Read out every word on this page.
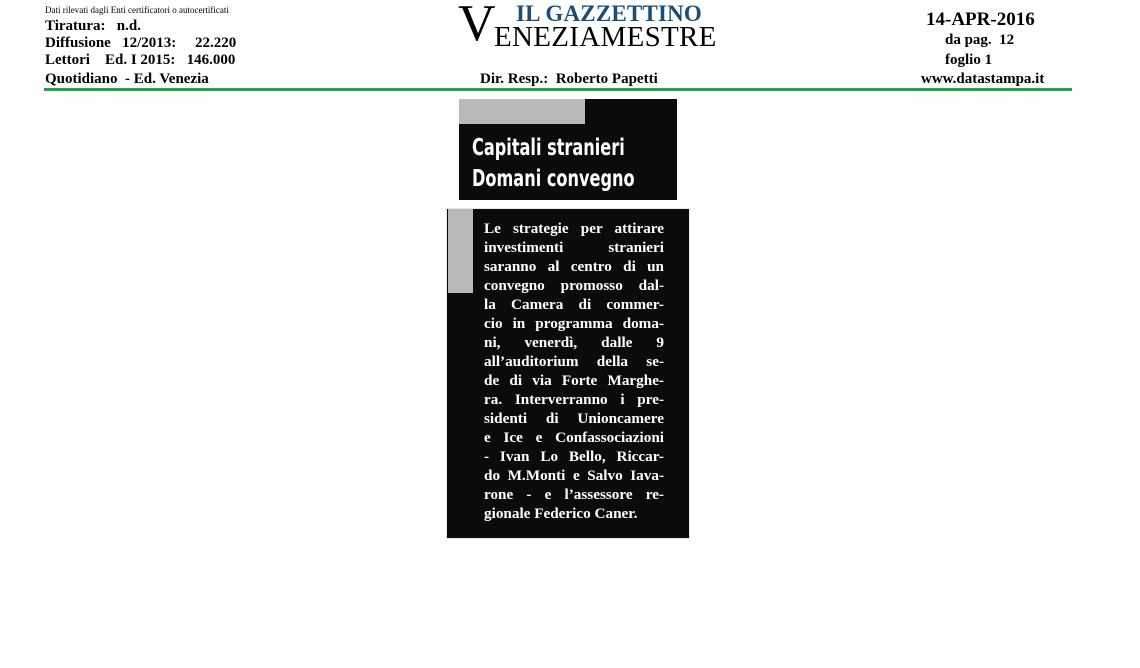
Dati rilevati dagli Enti certificatori o autocertificati
Tiratura:   n.d.
Diffusione   12/2013:     22.220
Lettori    Ed. I 2015:   146.000
Quotidiano  - Ed. Venezia
IL GAZZETTINO
V
ENEZIAMESTRE
Dir. Resp.:  Roberto Papetti
14-APR-2016
da pag.  12
foglio 1
www.datastampa.it
Capitali stranieri
Domani convegno
Le strategie per attirare
investimenti stranieri
saranno al centro di un
convegno promosso dal-
la Camera di commer-
cio in programma doma-
ni, venerdì, dalle 9
all’auditorium della se-
de di via Forte Marghe-
ra. Interverranno i pre-
sidenti di Unioncamere
e Ice e Confassociazioni
- Ivan Lo Bello, Riccar-
do M.Monti e Salvo Iava-
rone - e l’assessore re-
gionale Federico Caner.
